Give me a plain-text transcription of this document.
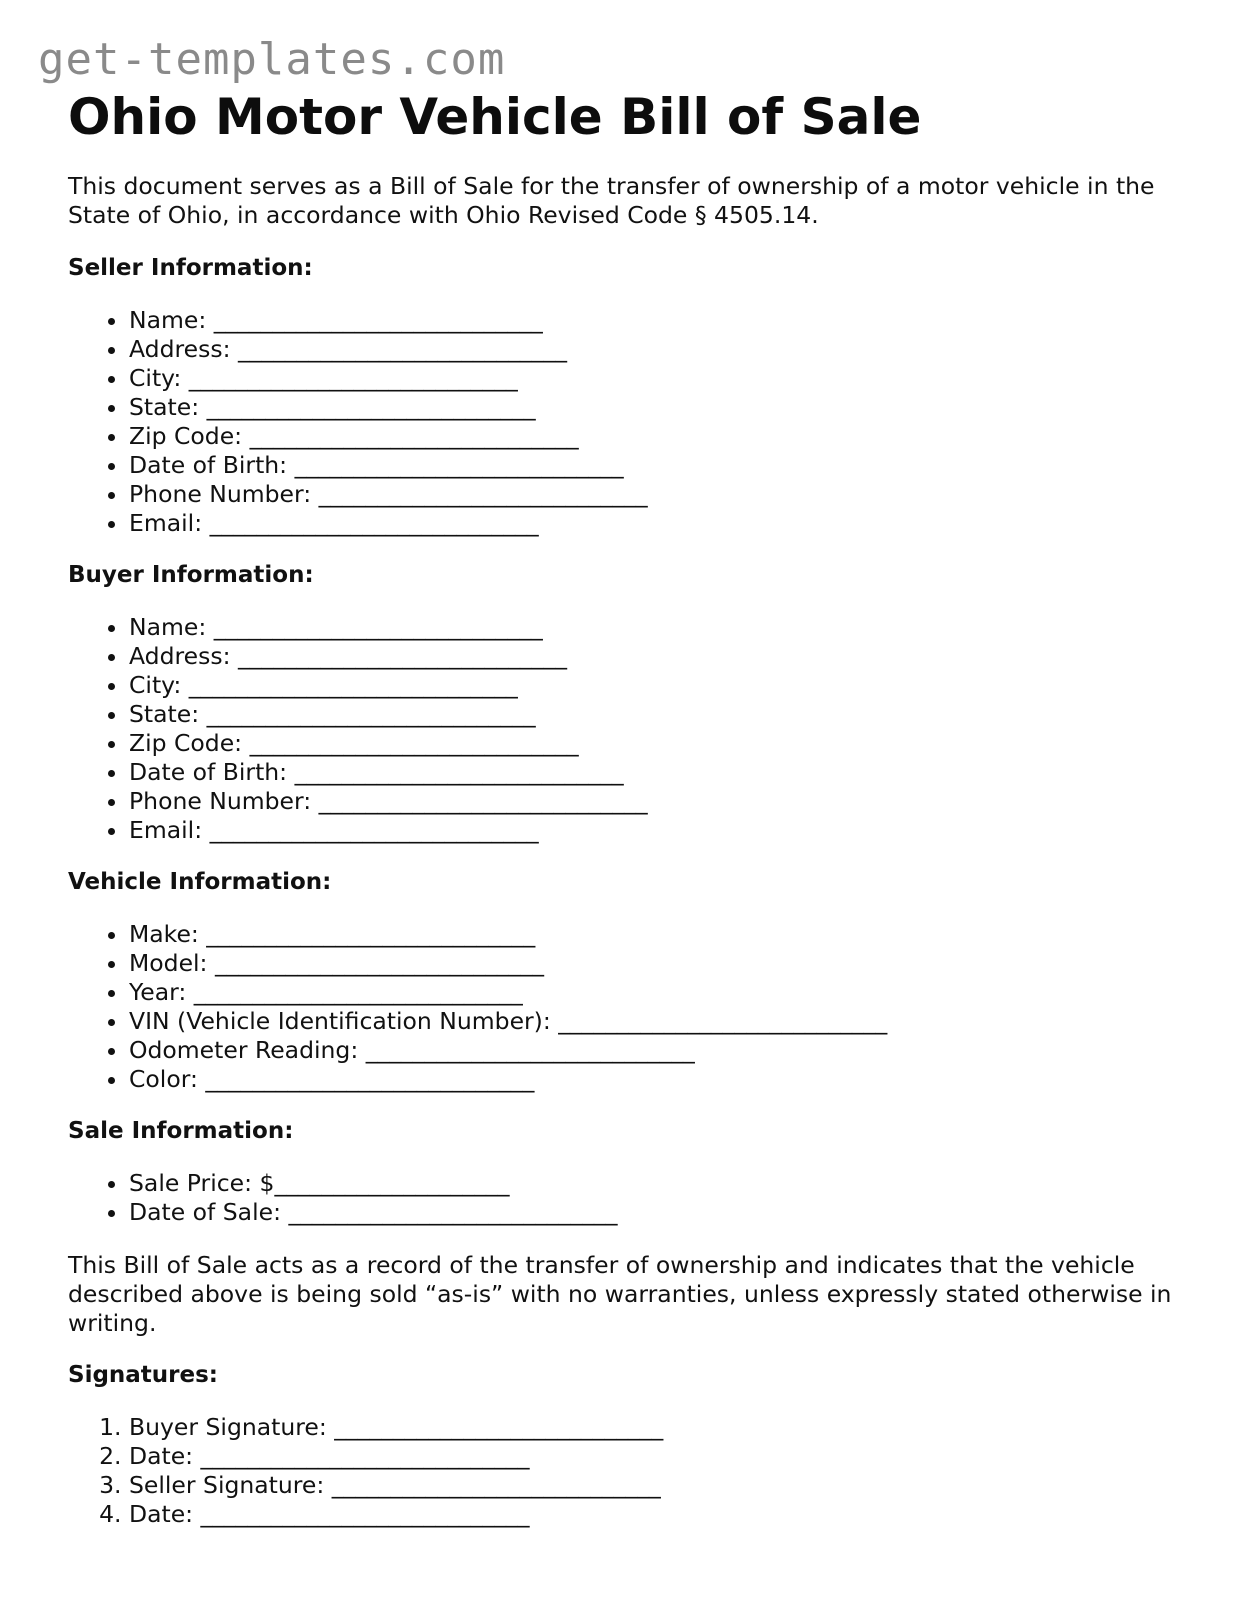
get-templates.com
Ohio Motor Vehicle Bill of Sale

This document serves as a Bill of Sale for the transfer of ownership of a motor vehicle in the State of Ohio, in accordance with Ohio Revised Code § 4505.14.

Seller Information:
• Name: ____________________________
• Address: ____________________________
• City: ____________________________
• State: ____________________________
• Zip Code: ____________________________
• Date of Birth: ____________________________
• Phone Number: ____________________________
• Email: ____________________________
Buyer Information:
• Name: ____________________________
• Address: ____________________________
• City: ____________________________
• State: ____________________________
• Zip Code: ____________________________
• Date of Birth: ____________________________
• Phone Number: ____________________________
• Email: ____________________________
Vehicle Information:
• Make: ____________________________
• Model: ____________________________
• Year: ____________________________
• VIN (Vehicle Identification Number): ____________________________
• Odometer Reading: ____________________________
• Color: ____________________________
Sale Information:
• Sale Price: $____________________
• Date of Sale: ____________________________

This Bill of Sale acts as a record of the transfer of ownership and indicates that the vehicle described above is being sold “as-is” with no warranties, unless expressly stated otherwise in writing.

Signatures:
1. Buyer Signature: ____________________________
2. Date: ____________________________
3. Seller Signature: ____________________________
4. Date: ____________________________
